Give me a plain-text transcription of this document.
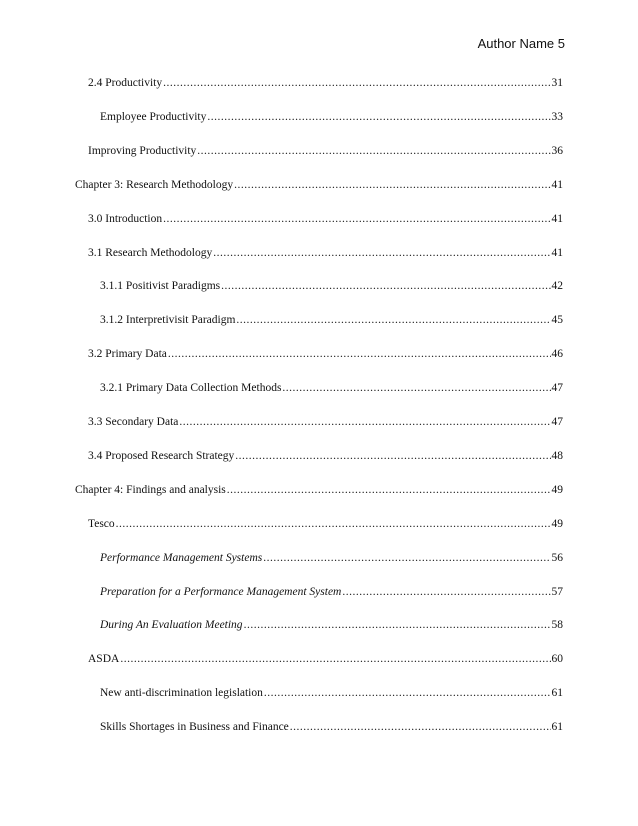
Author Name 5
2.4 Productivity .....	31
Employee Productivity .....	33
Improving Productivity .....	36
Chapter 3: Research Methodology .....	41
3.0 Introduction .....	41
3.1 Research Methodology .....	41
3.1.1 Positivist Paradigms .....	42
3.1.2 Interpretivisit Paradigm .....	45
3.2 Primary Data .....	46
3.2.1 Primary Data Collection Methods .....	47
3.3 Secondary Data .....	47
3.4 Proposed Research Strategy .....	48
Chapter 4: Findings and analysis .....	49
Tesco .....	49
Performance Management Systems .....	56
Preparation for a Performance Management System .....	57
During An Evaluation Meeting .....	58
ASDA .....	60
New anti-discrimination legislation .....	61
Skills Shortages in Business and Finance .....	61
